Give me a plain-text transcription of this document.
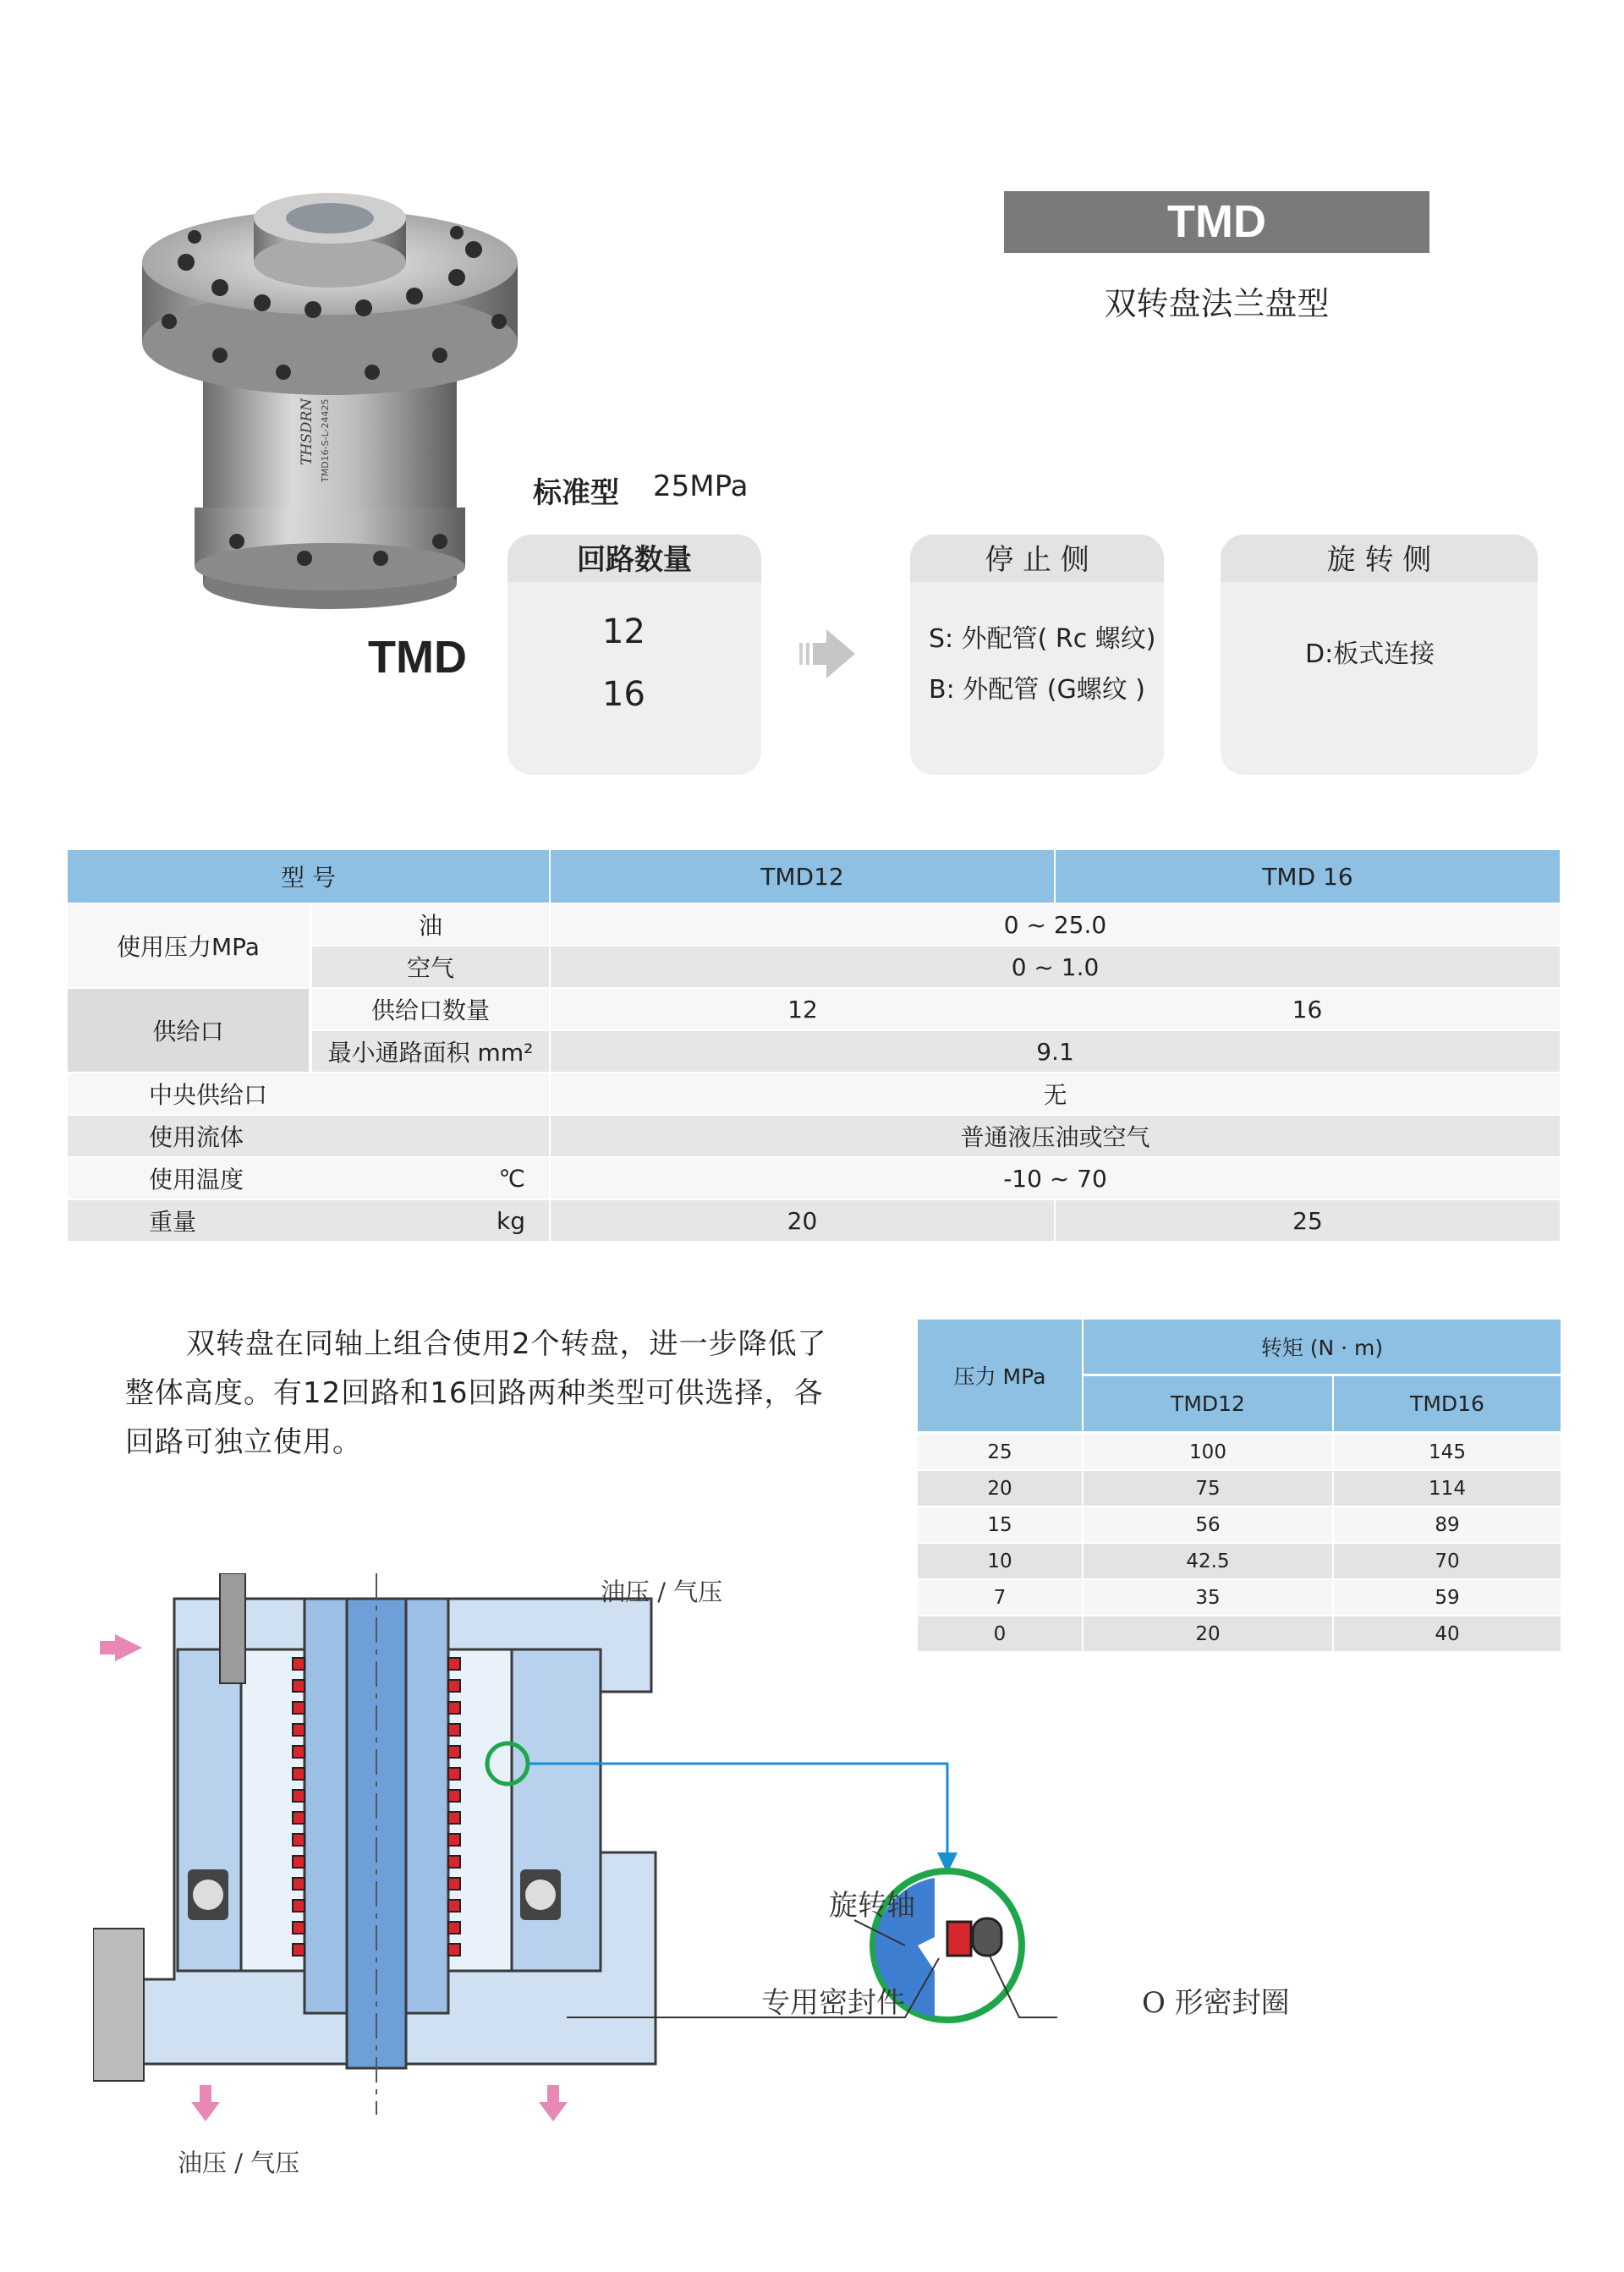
THSDRN TMD16-S-L-24425
TMD
双转盘法兰盘型
标准型 25MPa
TMD
回路数量
12
16
停 止 侧
S: 外配管( Rc 螺纹)
B: 外配管 (G螺纹 )
旋 转 侧
D:板式连接
型 号		TMD12	TMD 16
使用压力MPa	油	0 ~ 25.0	
	空气	0 ~ 1.0	
供给口	供给口数量	12	16
	最小通路面积 mm²	9.1	
中央供给口		无	
使用流体		普通液压油或空气	
使用温度	℃	-10 ~ 70	
重量	kg	20	25
双转盘在同轴上组合使用2个转盘，进一步降低了整体高度。有12回路和16回路两种类型可供选择，各回路可独立使用。
压力 MPa	转矩 (N · m)	
	TMD12	TMD16
25	100	145
20	75	114
15	56	89
10	42.5	70
7	35	59
0	20	40
油压 / 气压
油压 / 气压
旋转轴
专用密封件	O 形密封圈
